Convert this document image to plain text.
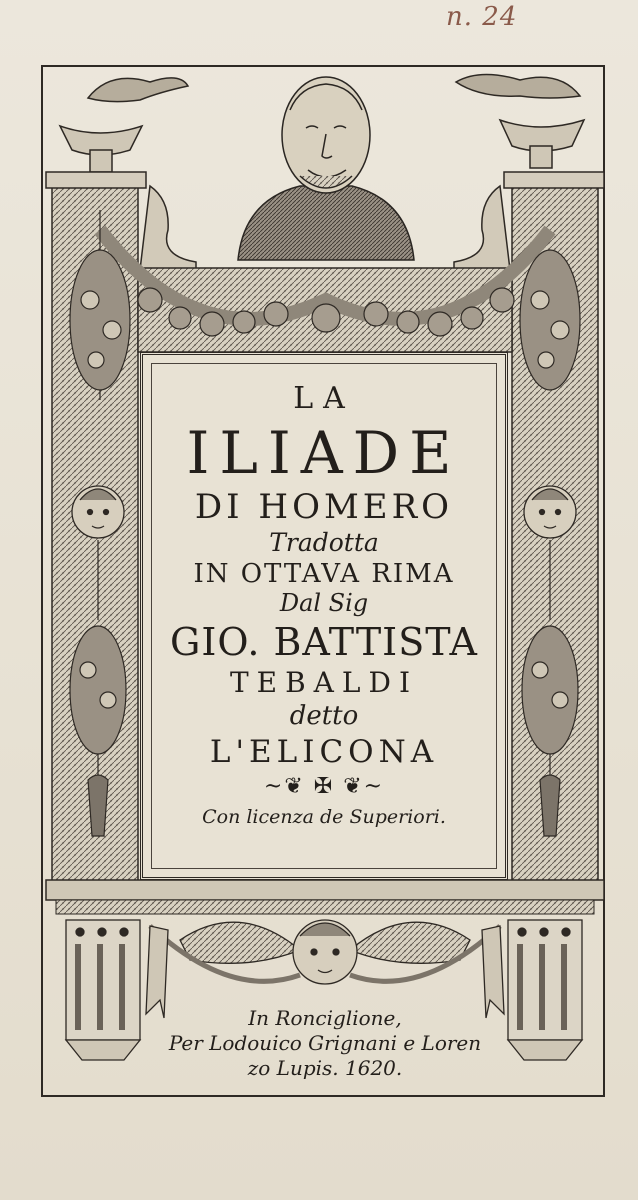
n. 24
LA
ILIADE
DI HOMERO
Tradotta
IN OTTAVA RIMA
Dal Sig
GIO. BATTISTA
TEBALDI
detto
L'ELICONA
~❦ ✠ ❦~
Con licenza de Superiori.
In Ronciglione,
Per Lodouico Grignani e Loren
zo Lupis. 1620.
